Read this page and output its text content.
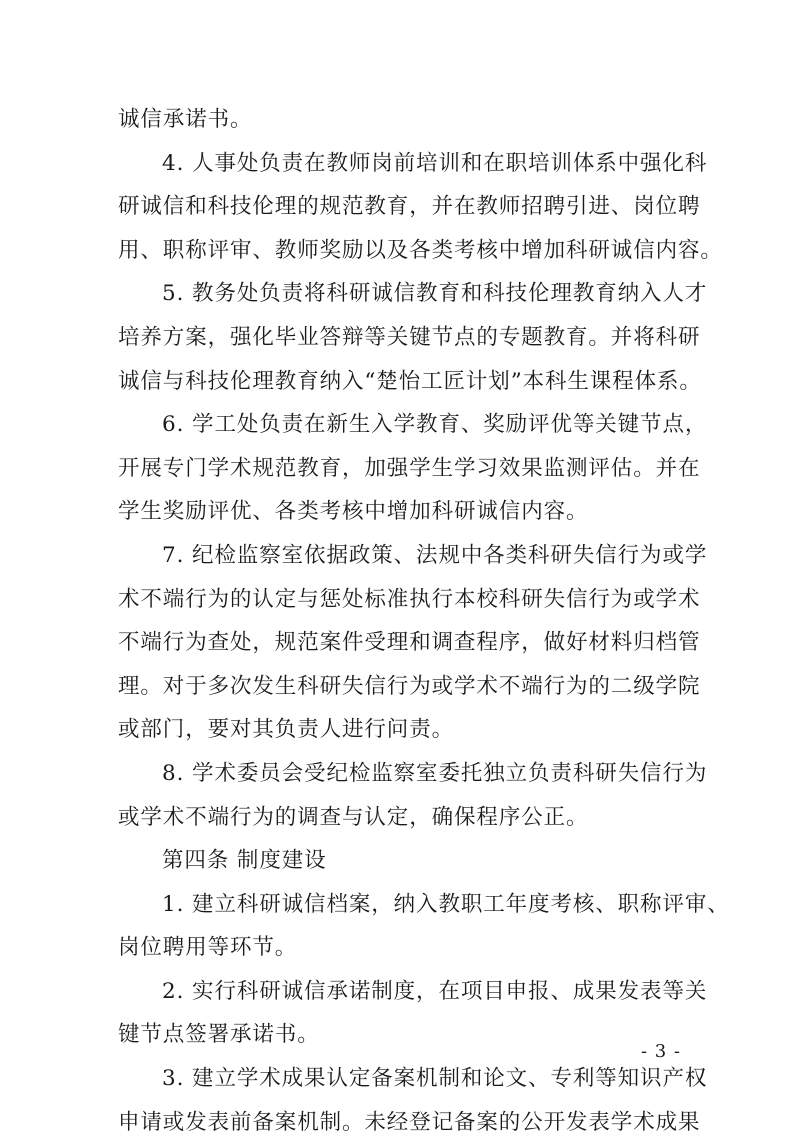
诚信承诺书。
4. 人事处负责在教师岗前培训和在职培训体系中强化科
研诚信和科技伦理的规范教育，并在教师招聘引进、岗位聘
用、职称评审、教师奖励以及各类考核中增加科研诚信内容。
5. 教务处负责将科研诚信教育和科技伦理教育纳入人才
培养方案，强化毕业答辩等关键节点的专题教育。并将科研
诚信与科技伦理教育纳入“楚怡工匠计划”本科生课程体系。
6. 学工处负责在新生入学教育、奖励评优等关键节点，
开展专门学术规范教育，加强学生学习效果监测评估。并在
学生奖励评优、各类考核中增加科研诚信内容。
7. 纪检监察室依据政策、法规中各类科研失信行为或学
术不端行为的认定与惩处标准执行本校科研失信行为或学术
不端行为查处，规范案件受理和调查程序，做好材料归档管
理。对于多次发生科研失信行为或学术不端行为的二级学院
或部门，要对其负责人进行问责。
8. 学术委员会受纪检监察室委托独立负责科研失信行为
或学术不端行为的调查与认定，确保程序公正。
第四条 制度建设
1. 建立科研诚信档案，纳入教职工年度考核、职称评审、
岗位聘用等环节。
2. 实行科研诚信承诺制度，在项目申报、成果发表等关
键节点签署承诺书。
3. 建立学术成果认定备案机制和论文、专利等知识产权
申请或发表前备案机制。未经登记备案的公开发表学术成果
- 3 -
